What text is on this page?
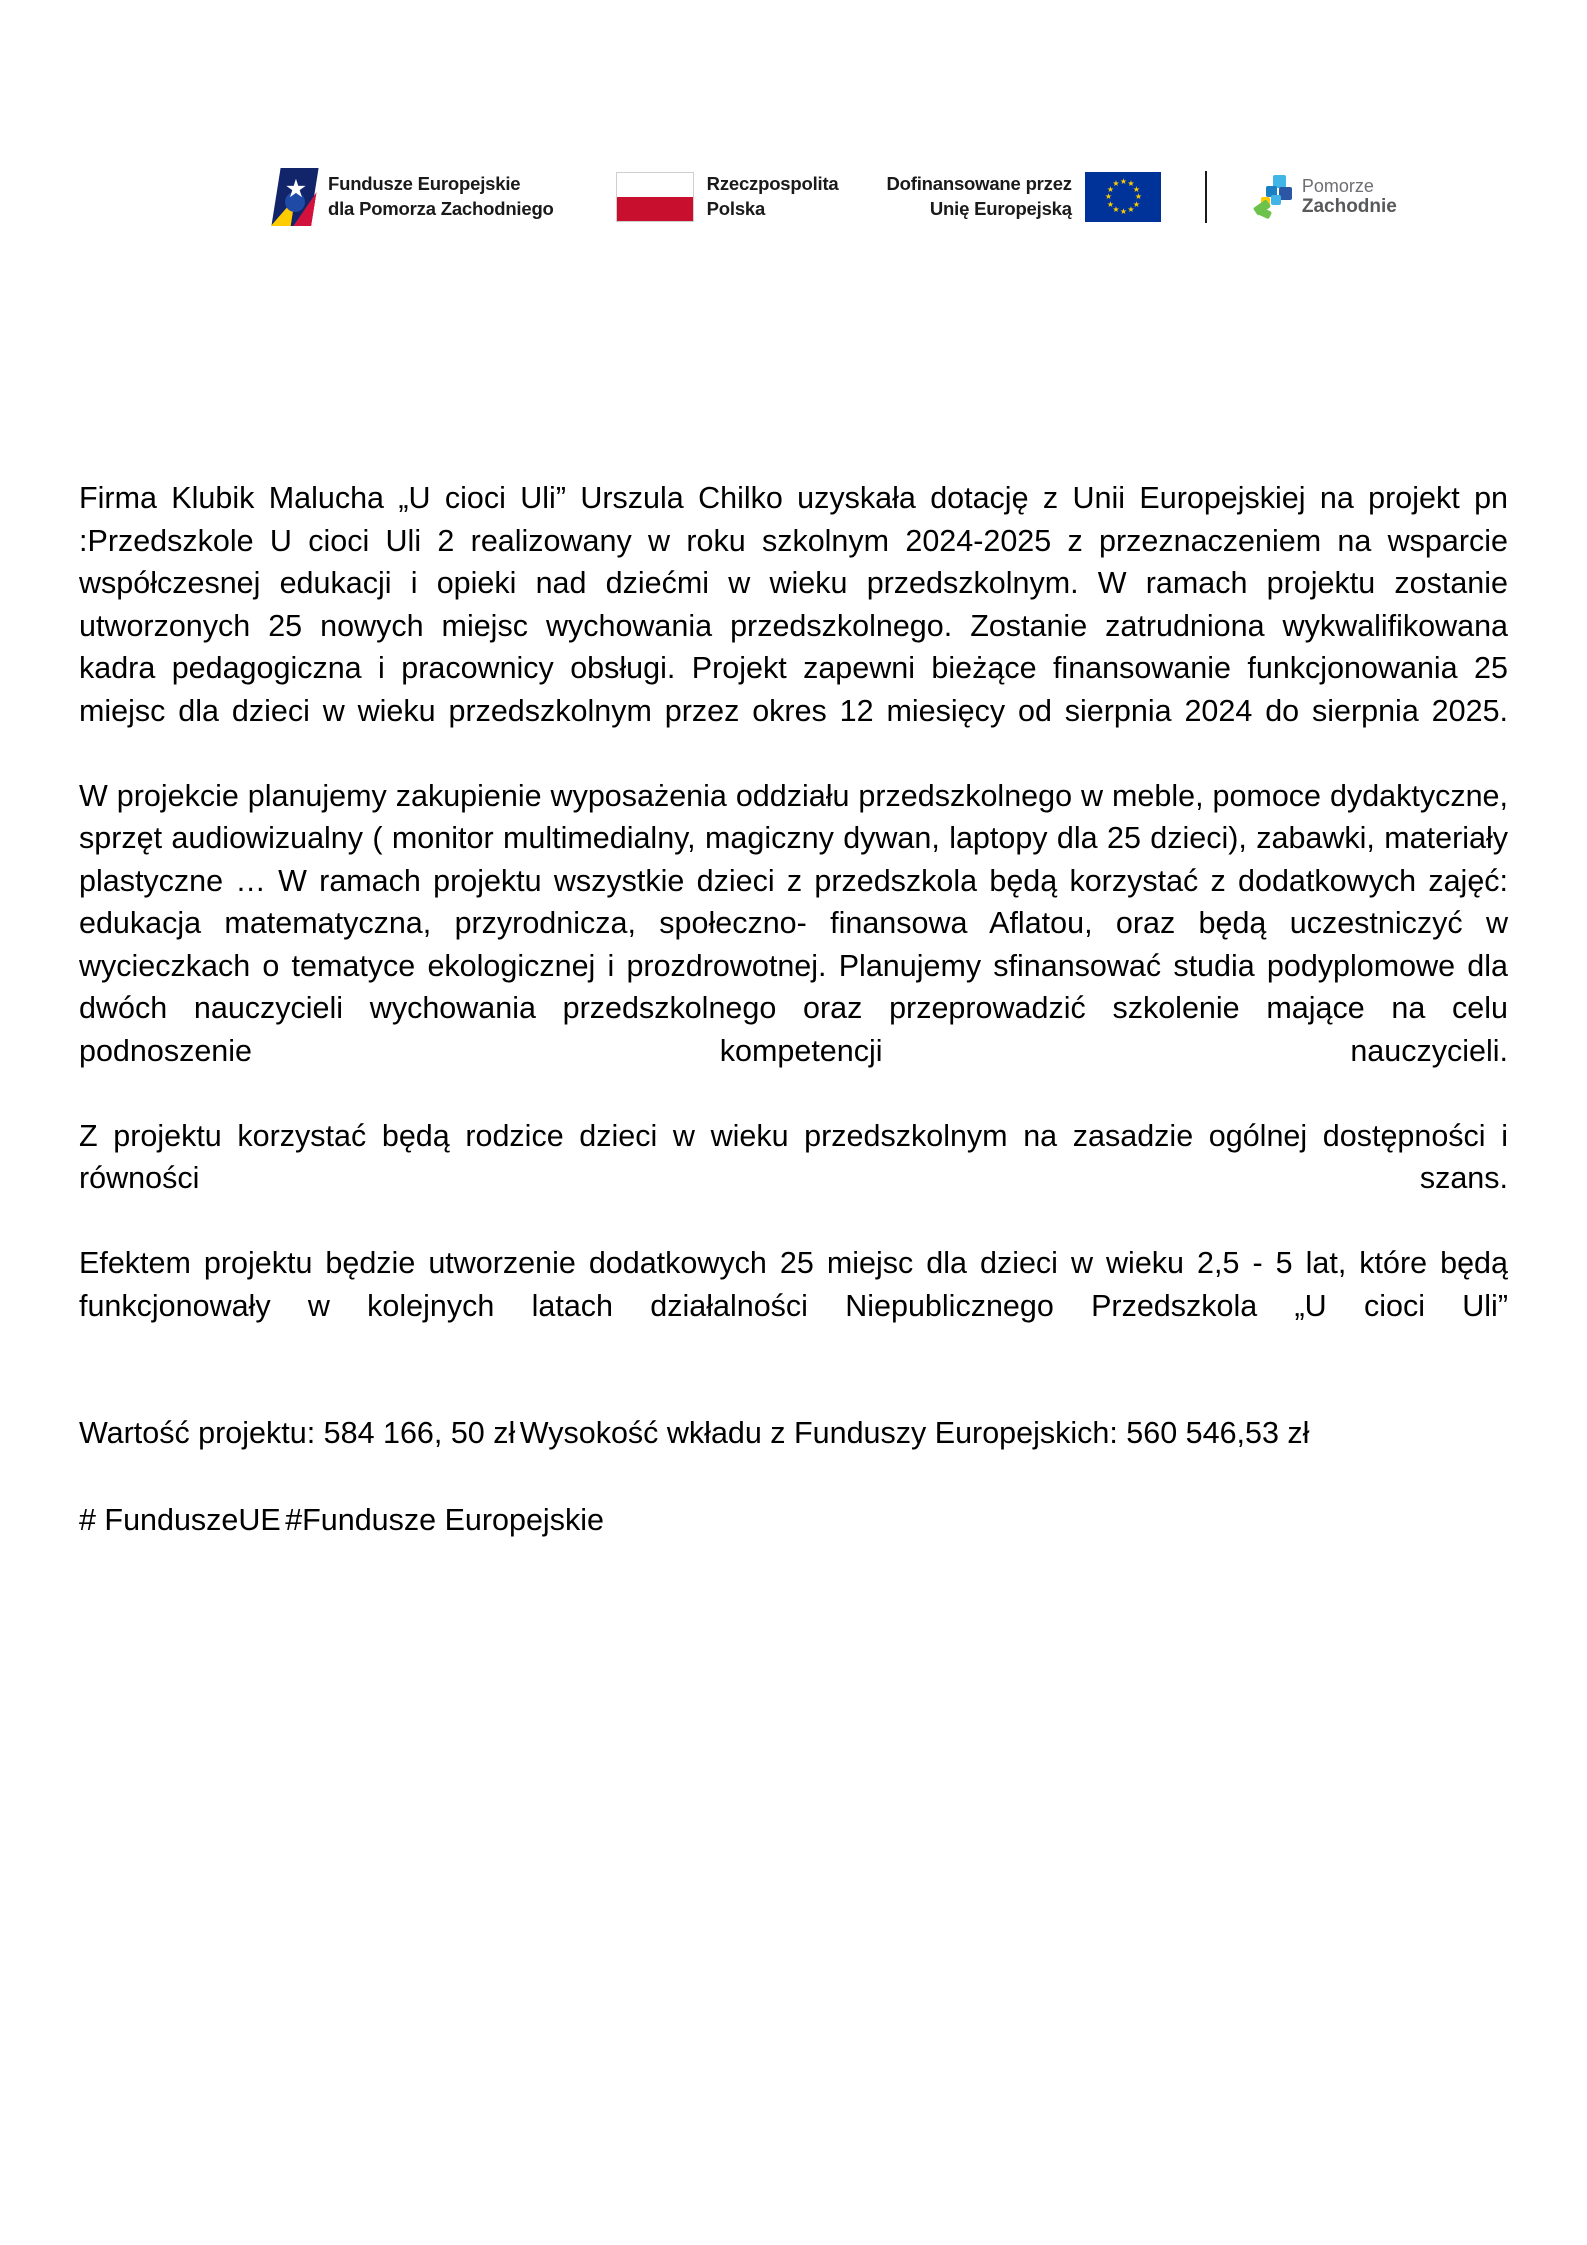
★ Fundusze Europejskie
dla Pomorza Zachodniego
Rzeczpospolita
Polska
Dofinansowane przez
Unię Europejską
★ ★
★
★
★
★
★
★
★
★
★
★	Pomorze
Zachodnie

Firma Klubik Malucha „U cioci Uli” Urszula Chilko uzyskała dotację z Unii Europejskiej na projekt pn :Przedszkole U cioci Uli 2 realizowany w roku szkolnym 2024-2025 z przeznaczeniem na wsparcie współczesnej edukacji i opieki nad dziećmi w wieku przedszkolnym. W ramach projektu zostanie utworzonych 25 nowych miejsc wychowania przedszkolnego. Zostanie zatrudniona wykwalifikowana kadra pedagogiczna i pracownicy obsługi. Projekt zapewni bieżące finansowanie funkcjonowania 25 miejsc dla dzieci w wieku przedszkolnym przez okres 12 miesięcy od sierpnia 2024 do sierpnia 2025.

W projekcie planujemy zakupienie wyposażenia oddziału przedszkolnego w meble, pomoce dydaktyczne, sprzęt audiowizualny ( monitor multimedialny, magiczny dywan, laptopy dla 25 dzieci), zabawki, materiały plastyczne … W ramach projektu wszystkie dzieci z przedszkola będą korzystać z dodatkowych zajęć: edukacja matematyczna, przyrodnicza, społeczno- finansowa Aflatou, oraz będą uczestniczyć w wycieczkach o tematyce ekologicznej i prozdrowotnej. Planujemy sfinansować studia podyplomowe dla dwóch nauczycieli wychowania przedszkolnego oraz przeprowadzić szkolenie mające na celu podnoszenie kompetencji nauczycieli.

Z projektu korzystać będą rodzice dzieci w wieku przedszkolnym na zasadzie ogólnej dostępności i równości szans.

Efektem projektu będzie utworzenie dodatkowych 25 miejsc dla dzieci w wieku 2,5 - 5 lat, które będą funkcjonowały w kolejnych latach działalności Niepublicznego Przedszkola „U cioci Uli”

Wartość projektu: 584 166, 50 zł

Wysokość wkładu z Funduszy Europejskich: 560 546,53 zł

# FunduszeUE

#Fundusze Europejskie
